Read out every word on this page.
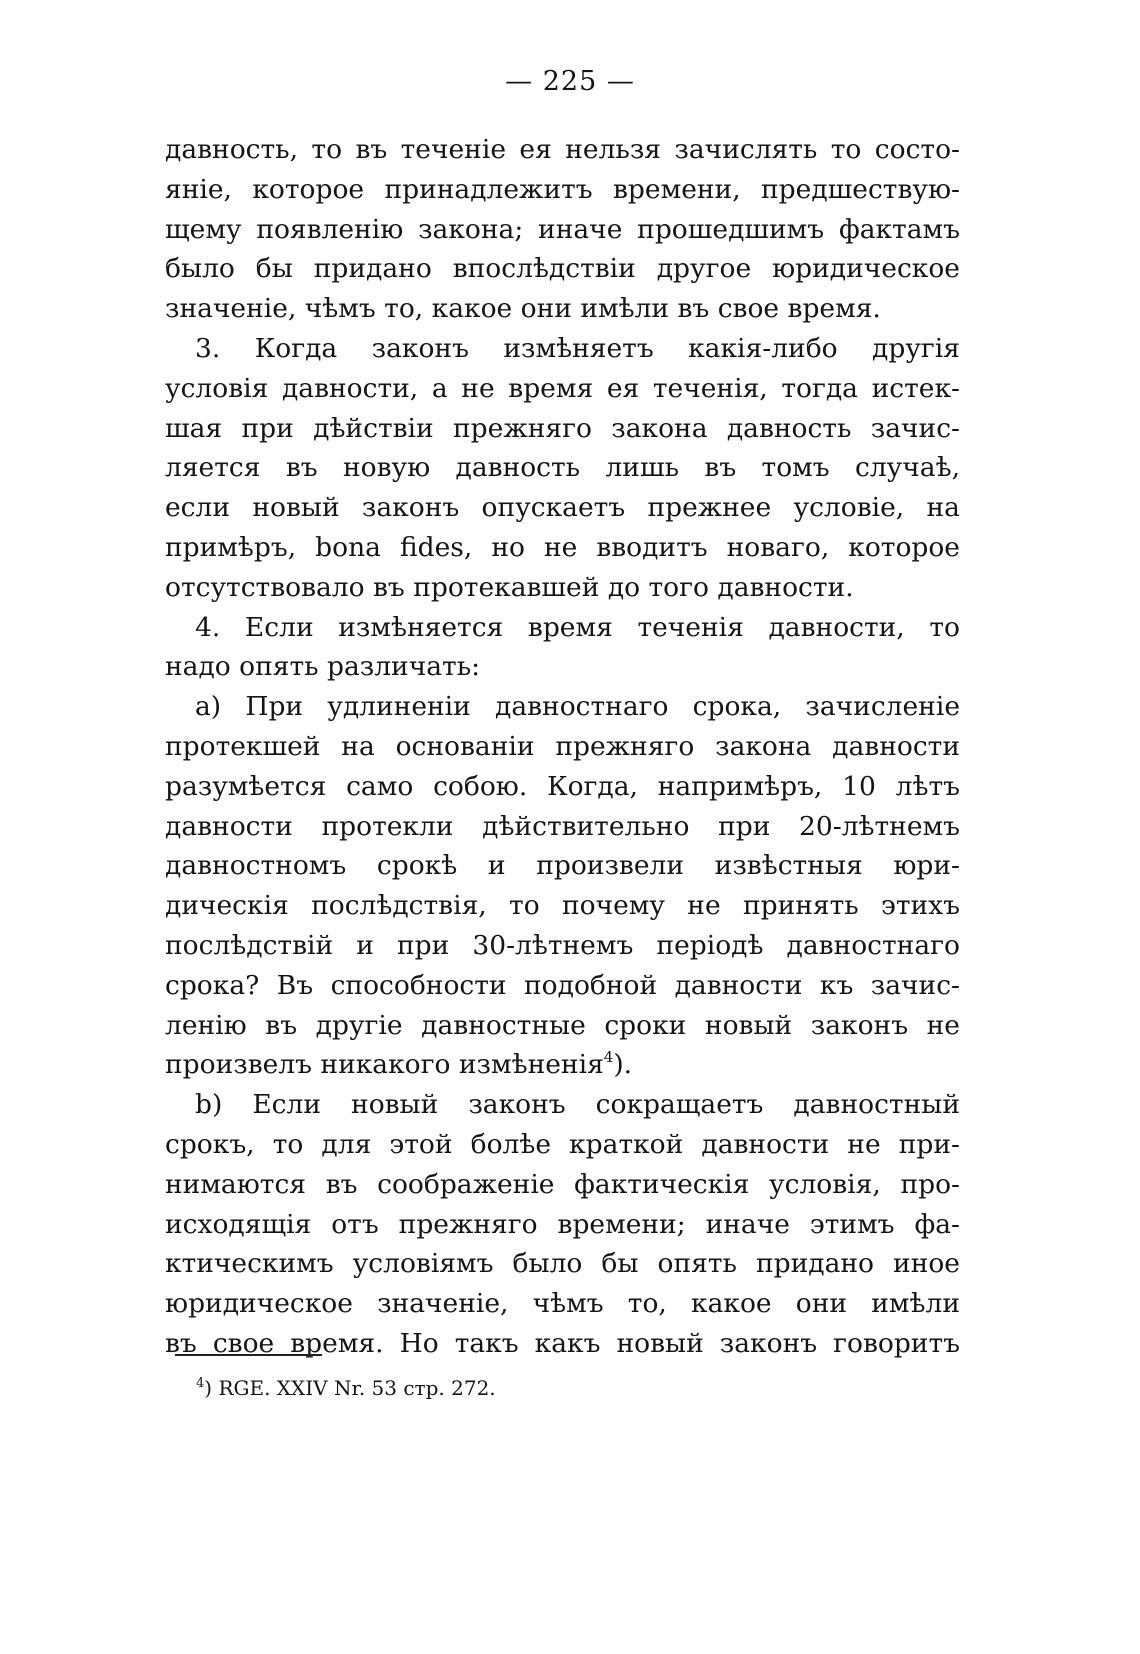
— 225 —
давность, то въ теченіе ея нельзя зачислять то состо-
яніе, которое принадлежитъ времени, предшествую-
щему появленію закона; иначе прошедшимъ фактамъ
было бы придано впослѣдствіи другое юридическое
значеніе, чѣмъ то, какое они имѣли въ свое время.
3. Когда законъ измѣняетъ какія-либо другія
условія давности, а не время ея теченія, тогда истек-
шая при дѣйствіи прежняго закона давность зачис-
ляется въ новую давность лишь въ томъ случаѣ,
если новый законъ опускаетъ прежнее условіе, на
примѣръ, bona fides, но не вводитъ новаго, которое
отсутствовало въ протекавшей до того давности.
4. Если измѣняется время теченія давности, то
надо опять различать:
a) При удлиненіи давностнаго срока, зачисленіе
протекшей на основаніи прежняго закона давности
разумѣется само собою. Когда, напримѣръ, 10 лѣтъ
давности протекли дѣйствительно при 20-лѣтнемъ
давностномъ срокѣ и произвели извѣстныя юри-
дическія послѣдствія, то почему не принять этихъ
послѣдствій и при 30-лѣтнемъ періодѣ давностнаго
срока? Въ способности подобной давности къ зачис-
ленію въ другіе давностные сроки новый законъ не
произвелъ никакого измѣненія$^4$).
b) Если новый законъ сокращаетъ давностный
срокъ, то для этой болѣе краткой давности не при-
нимаются въ соображеніе фактическія условія, про-
исходящія отъ прежняго времени; иначе этимъ фа-
ктическимъ условіямъ было бы опять придано иное
юридическое значеніе, чѣмъ то, какое они имѣли
въ свое время. Но такъ какъ новый законъ говоритъ
$^4$) RGE. XXIV Nr. 53 стр. 272.
